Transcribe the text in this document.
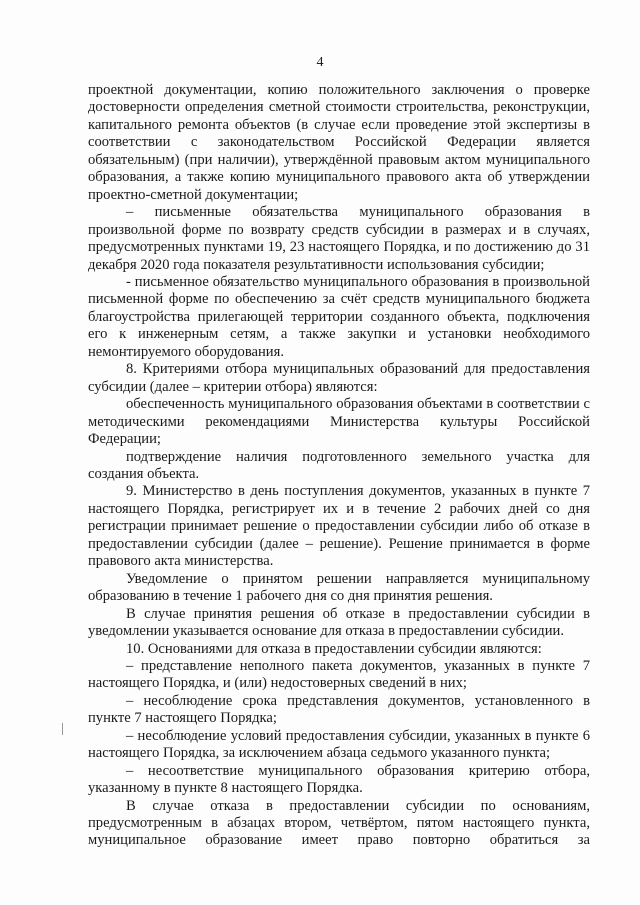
4

проектной документации, копию положительного заключения о проверке достоверности определения сметной стоимости строительства, реконструкции, капитального ремонта объектов (в случае если проведение этой экспертизы в соответствии с законодательством Российской Федерации является обязательным) (при наличии), утверждённой правовым актом муниципального образования, а также копию муниципального правового акта об утверждении проектно-сметной документации;

– письменные обязательства муниципального образования в произвольной форме по возврату средств субсидии в размерах и в случаях, предусмотренных пунктами 19, 23 настоящего Порядка, и по достижению до 31 декабря 2020 года показателя результативности использования субсидии;

- письменное обязательство муниципального образования в произвольной письменной форме по обеспечению за счёт средств муниципального бюджета благоустройства прилегающей территории созданного объекта, подключения его к инженерным сетям, а также закупки и установки необходимого немонтируемого оборудования.

8. Критериями отбора муниципальных образований для предоставления субсидии (далее – критерии отбора) являются:

обеспеченность муниципального образования объектами в соответствии с методическими рекомендациями Министерства культуры Российской Федерации;

подтверждение наличия подготовленного земельного участка для создания объекта.

9. Министерство в день поступления документов, указанных в пункте 7 настоящего Порядка, регистрирует их и в течение 2 рабочих дней со дня регистрации принимает решение о предоставлении субсидии либо об отказе в предоставлении субсидии (далее – решение). Решение принимается в форме правового акта министерства.

Уведомление о принятом решении направляется муниципальному образованию в течение 1 рабочего дня со дня принятия решения.

В случае принятия решения об отказе в предоставлении субсидии в уведомлении указывается основание для отказа в предоставлении субсидии.

10. Основаниями для отказа в предоставлении субсидии являются:

– представление неполного пакета документов, указанных в пункте 7 настоящего Порядка, и (или) недостоверных сведений в них;

– несоблюдение срока представления документов, установленного в пункте 7 настоящего Порядка;

– несоблюдение условий предоставления субсидии, указанных в пункте 6 настоящего Порядка, за исключением абзаца седьмого указанного пункта;

– несоответствие муниципального образования критерию отбора, указанному в пункте 8 настоящего Порядка.

В случае отказа в предоставлении субсидии по основаниям, предусмотренным в абзацах втором, четвёртом, пятом настоящего пункта, муниципальное образование имеет право повторно обратиться за
